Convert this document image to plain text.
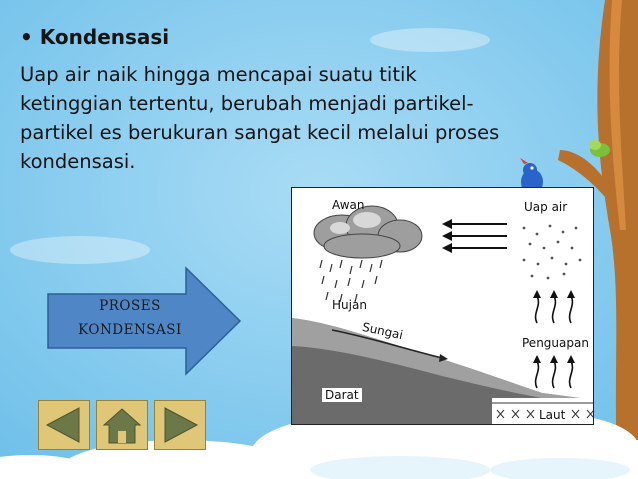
• Kondensasi
Uap air naik hingga mencapai suatu titik
ketinggian tertentu, berubah menjadi partikel-
partikel es berukuran sangat kecil melalui proses
kondensasi.
PROSES
KONDENSASI
Awan	Uap air
Hujan
Sungai
Penguapan
Darat
Laut
